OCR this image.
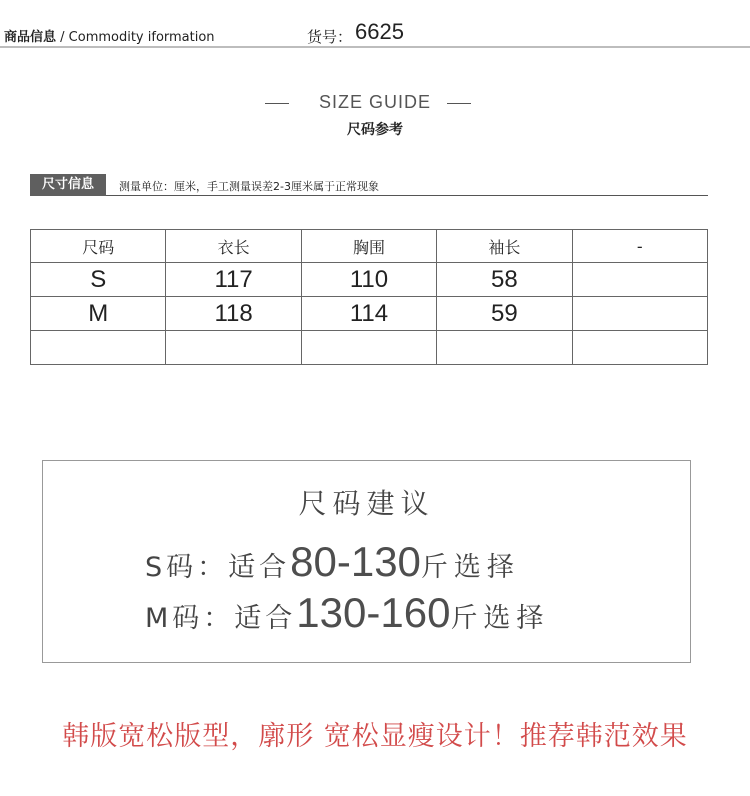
商品信息 / Commodity iformation	货号： 6625
SIZE GUIDE
尺码参考
尺寸信息	测量单位：厘米，手工测量误差2-3厘米属于正常现象
尺码	衣长	胸围	袖长	-
S	117	110	58	
M	118	114	59	

尺码建议
S码：适合80-130斤选择
M码：适合130-160斤选择
韩版宽松版型，廓形 宽松显瘦设计！推荐韩范效果
